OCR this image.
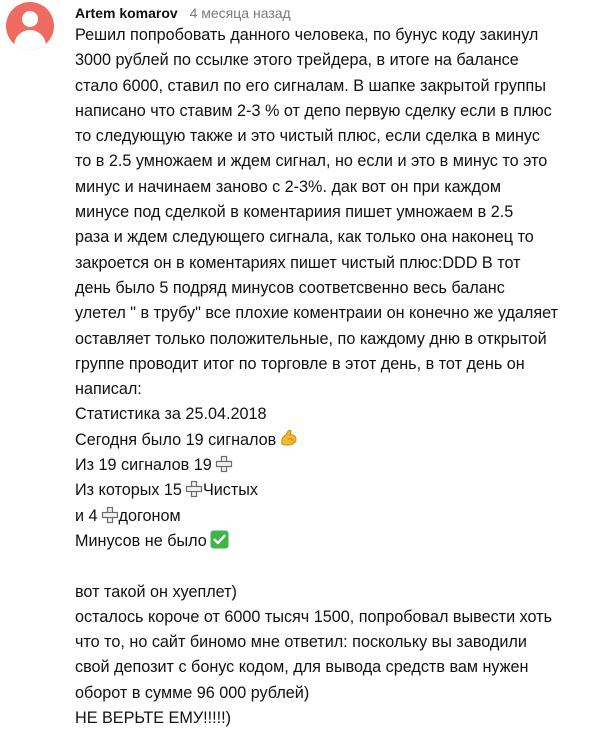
Artem komarov 4 месяца назад
Решил попробовать данного человека, по бунус коду закинул
3000 рублей по ссылке этого трейдера, в итоге на балансе
стало 6000, ставил по его сигналам. В шапке закрытой группы
написано что ставим 2-3 % от депо первую сделку если в плюс
то следующую также и это чистый плюс, если сделка в минус
то в 2.5 умножаем и ждем сигнал, но если и это в минус то это
минус и начинаем заново с 2-3%. дак вот он при каждом
минусе под сделкой в коментариия пишет умножаем в 2.5
раза и ждем следующего сигнала, как только она наконец то
закроется он в коментариях пишет чистый плюс:DDD В тот
день было 5 подряд минусов соответсвенно весь баланс
улетел " в трубу" все плохие коментраии он конечно же удаляет
оставляет только положительные, по каждому дню в открытой
группе проводит итог по торговле в этот день, в тот день он
написал:
Статистика за 25.04.2018
Сегодня было 19 сигналов
Из 19 сигналов 19
Из которых 15 Чистых
и 4 догоном
Минусов не было
вот такой он хуеплет)
осталось короче от 6000 тысяч 1500, попробовал вывести хоть
что то, но сайт биномо мне ответил: поскольку вы заводили
свой депозит с бонус кодом, для вывода средств вам нужен
оборот в сумме 96 000 рублей)
НЕ ВЕРЬТЕ ЕМУ!!!!!)
